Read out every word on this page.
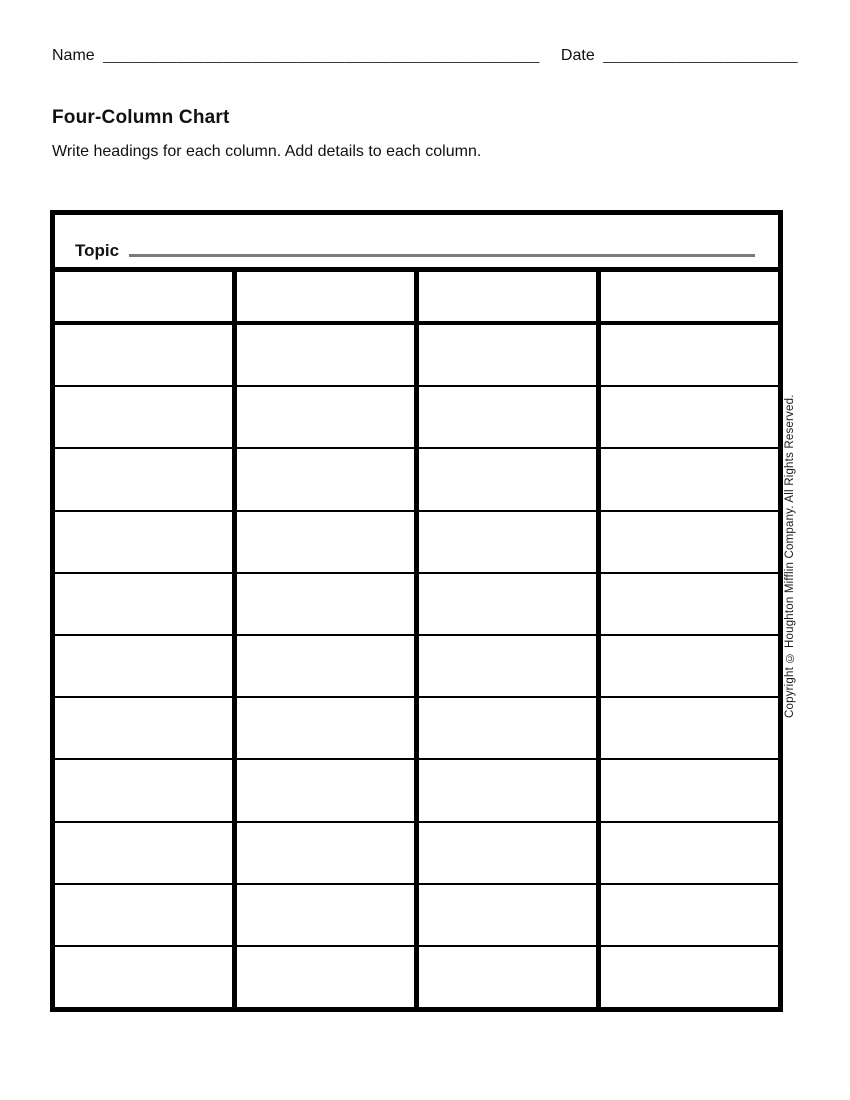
Name _______________________________________________ Date _____________________
Four-Column Chart
Write headings for each column. Add details to each column.
Topic
Copyright © Houghton Mifflin Company. All Rights Reserved.
